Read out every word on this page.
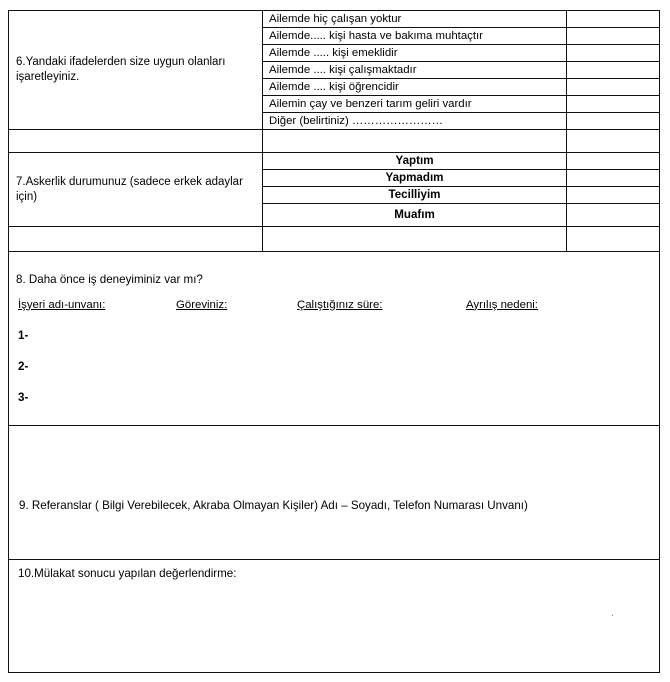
6.Yandaki ifadelerden size uygun olanları işaretleyiniz.	Ailemde hiç çalışan yoktur	

	Ailemde..... kişi hasta ve bakıma muhtaçtır	

	Ailemde ..... kişi emeklidir	

	Ailemde .... kişi çalışmaktadır	

	Ailemde .... kişi öğrencidir	

	Ailemin çay ve benzeri tarım geliri vardır	

	Diğer (belirtiniz) ……………………	

7.Askerlik durumunuz (sadece erkek adaylar için)	Yaptım	

	Yapmadım	

	Tecilliyim	

	Muafım	

8. Daha önce iş deneyiminiz var mı?

İşyeri adı-unvanı:	Göreviniz:	Çalıştığınız süre:	Ayrılış nedeni:

1-

2-

3-

9. Referanslar ( Bilgi Verebilecek, Akraba Olmayan Kişiler) Adı – Soyadı, Telefon Numarası Unvanı)		

10.Mülakat sonucu yapılan değerlendirme:

.		
